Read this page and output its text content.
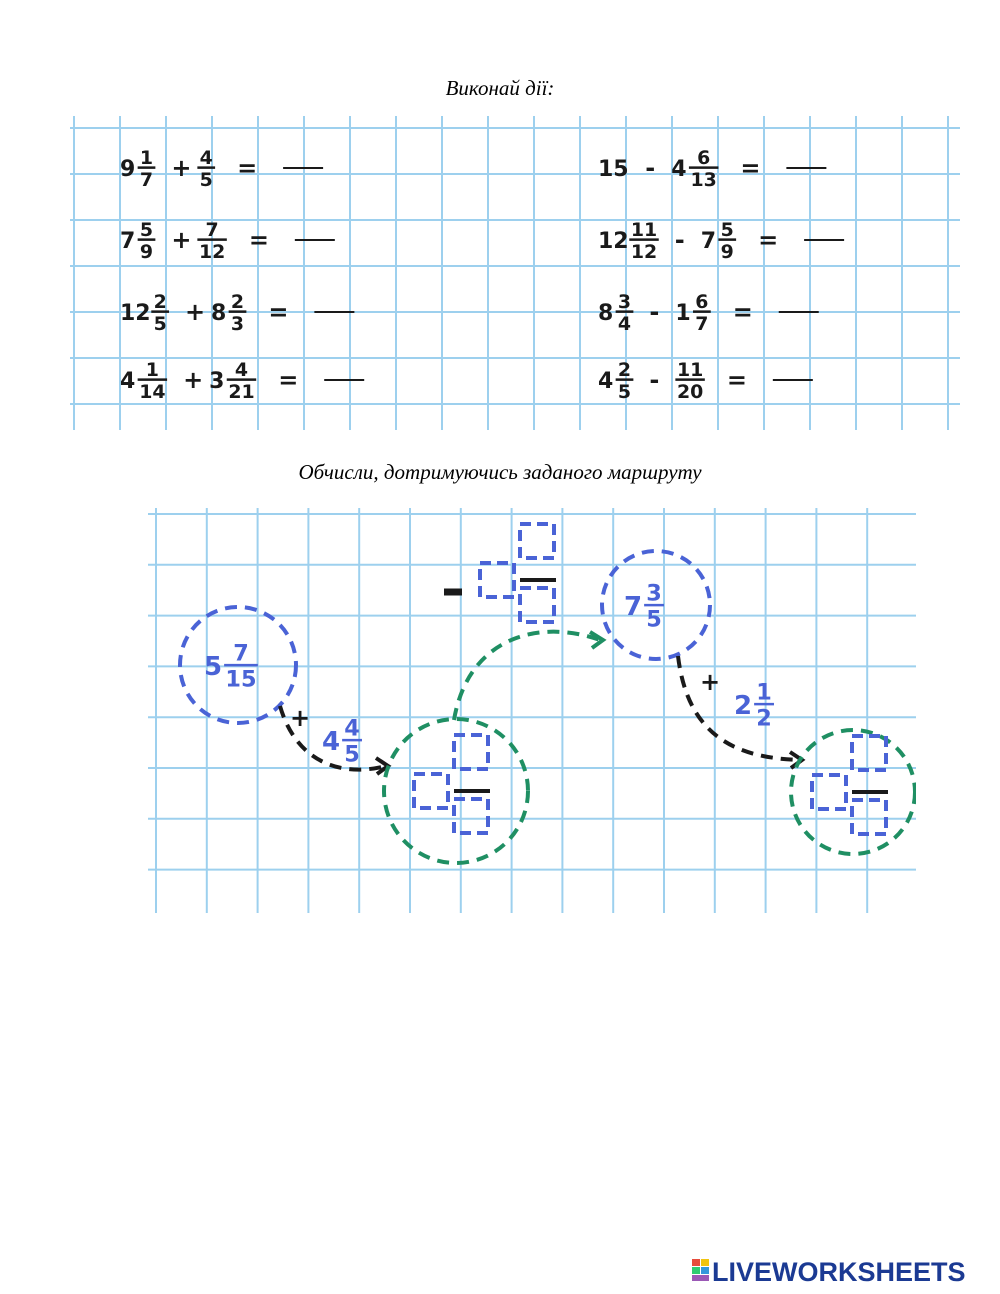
Виконай дії:
9 1
7 + 4
5 =
7 5
9 + 7
12 =
12 2
5 + 8 2
3 =
4 1
14 + 3 4
21 =
15 - 4 6
13 =
12 11
12 - 7 5
9 =
8 3
4 - 1 6
7 =
4 2
5 - 11
20 =
Обчисли, дотримуючись заданого маршруту
5 7
15
+
4 4
5
7 3
5
+
2 1
2
LIVEWORKSHEETS
